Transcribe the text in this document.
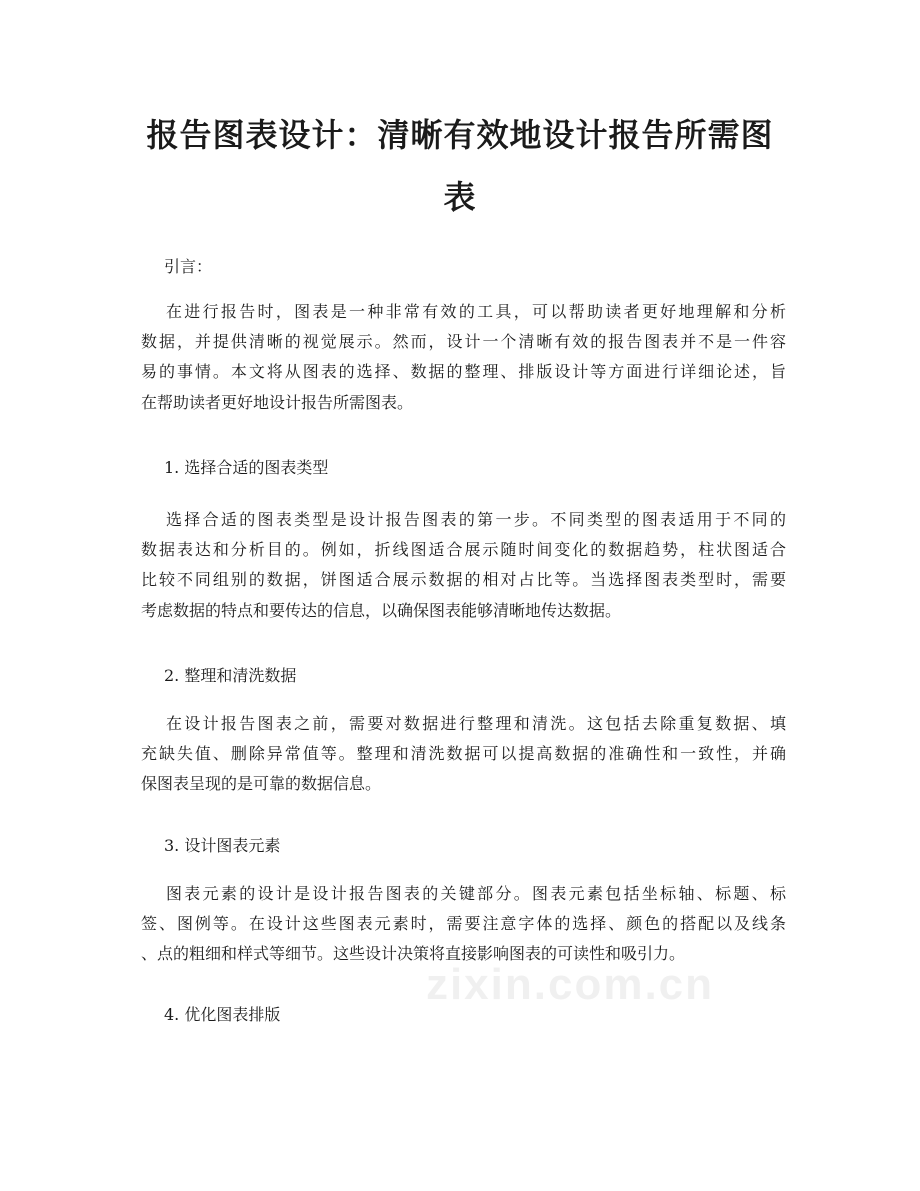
报告图表设计：清晰有效地设计报告所需图
表
引言：
在进行报告时，图表是一种非常有效的工具，可以帮助读者更好地理解和分析
数据，并提供清晰的视觉展示。然而，设计一个清晰有效的报告图表并不是一件容
易的事情。本文将从图表的选择、数据的整理、排版设计等方面进行详细论述，旨
在帮助读者更好地设计报告所需图表。
1. 选择合适的图表类型
选择合适的图表类型是设计报告图表的第一步。不同类型的图表适用于不同的
数据表达和分析目的。例如，折线图适合展示随时间变化的数据趋势，柱状图适合
比较不同组别的数据，饼图适合展示数据的相对占比等。当选择图表类型时，需要
考虑数据的特点和要传达的信息，以确保图表能够清晰地传达数据。
2. 整理和清洗数据
在设计报告图表之前，需要对数据进行整理和清洗。这包括去除重复数据、填
充缺失值、删除异常值等。整理和清洗数据可以提高数据的准确性和一致性，并确
保图表呈现的是可靠的数据信息。
3. 设计图表元素
图表元素的设计是设计报告图表的关键部分。图表元素包括坐标轴、标题、标
签、图例等。在设计这些图表元素时，需要注意字体的选择、颜色的搭配以及线条
、点的粗细和样式等细节。这些设计决策将直接影响图表的可读性和吸引力。
4. 优化图表排版
zixin.com.cn
